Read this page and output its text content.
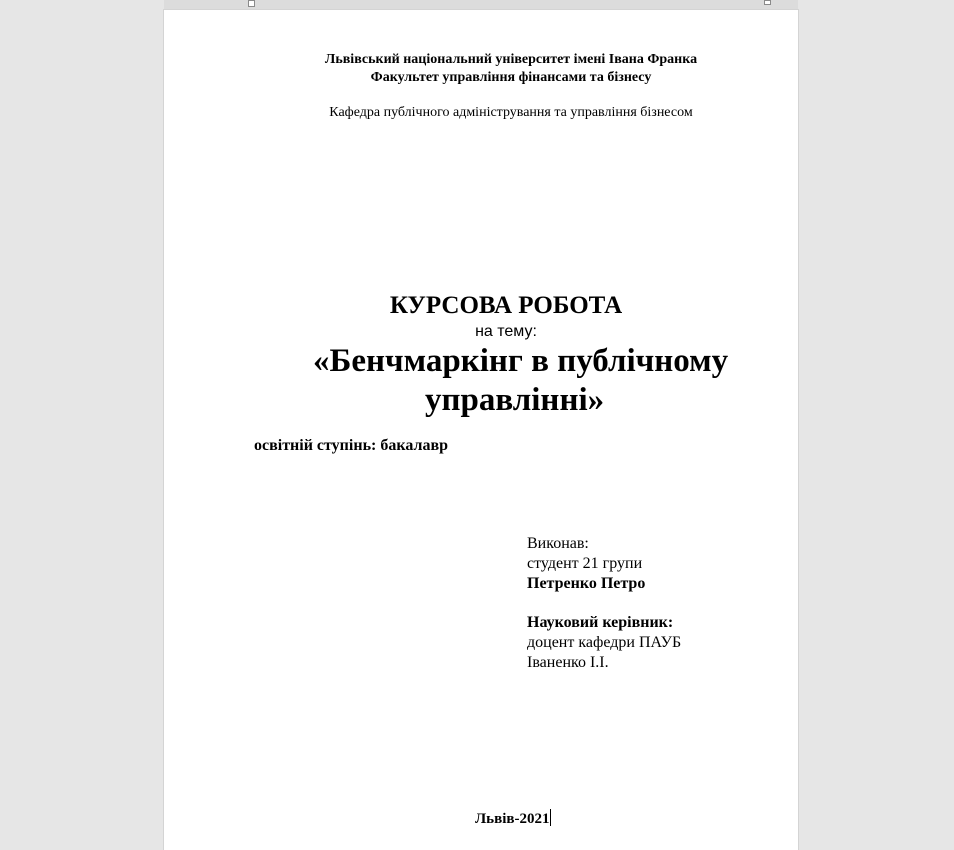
Львівський національний університет імені Івана Франка
Факультет управління фінансами та бізнесу
Кафедра публічного адміністрування та управління бізнесом
КУРСОВА РОБОТА
на тему:
«Бенчмаркінг в публічному
управлінні»
освітній ступінь: бакалавр
Виконав:
студент 21 групи
Петренко Петро
Науковий керівник:
доцент кафедри ПАУБ
Іваненко І.І.
Львів-2021
